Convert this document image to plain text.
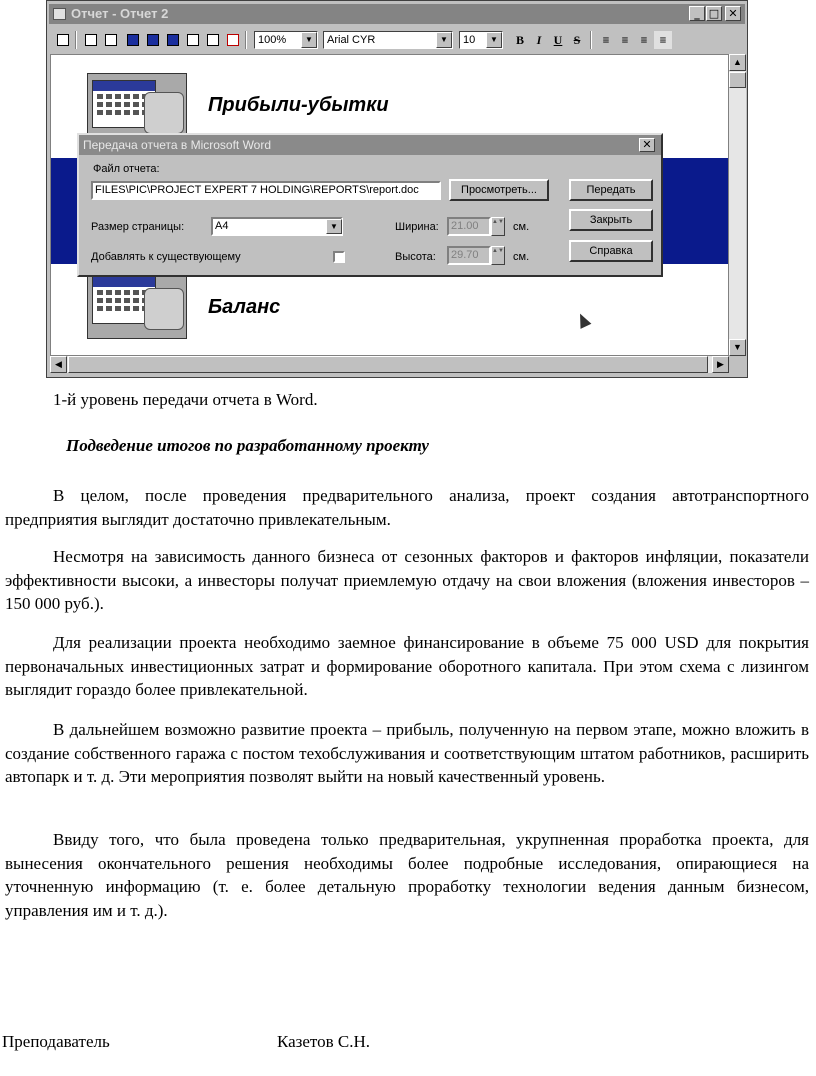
Отчет - Отчет 2	_ □ ✕
100%	▼	Arial CYR	▼	10	▼	B	I	U S	≡	≡	≡	≡
Прибыли-убытки
Баланс
▲
▼
◀	▶
Передача отчета в Microsoft Word	✕
Файл отчета:
FILES\PIC\PROJECT EXPERT 7 HOLDING\REPORTS\report.doc	Просмотреть...
Размер страницы:	A4	▼	Ширина:	21.00	▲▼ см.
Добавлять к существующему	Высота:	29.70	▲▼ см.
Передать
Закрыть
Справка
1-й уровень передачи отчета в Word.
Подведение итогов по разработанному проекту

В целом, после проведения предварительного анализа, проект создания автотранспортного предприятия выглядит достаточно привлекательным.

Несмотря на зависимость данного бизнеса от сезонных факторов и факторов инфляции, показатели эффективности высоки, а инвесторы получат приемлемую отдачу на свои вложения (вложения инвесторов – 150 000 руб.).

Для реализации проекта необходимо заемное финансирование в объеме 75 000 USD для покрытия первоначальных инвестиционных затрат и формирование оборотного капитала. При этом схема с лизингом выглядит гораздо более привлекательной.

В дальнейшем возможно развитие проекта – прибыль, полученную на первом этапе, можно вложить в создание собственного гаража с постом техобслуживания и соответствующим штатом работников, расширить автопарк и т. д. Эти мероприятия позволят выйти на новый качественный уровень.

Ввиду того, что была проведена только предварительная, укрупненная проработка проекта, для вынесения окончательного решения необходимы более подробные исследования, опирающиеся на уточненную информацию (т. е. более детальную проработку технологии ведения данным бизнесом, управления им и т. д.).

Преподаватель	Казетов С.Н.
